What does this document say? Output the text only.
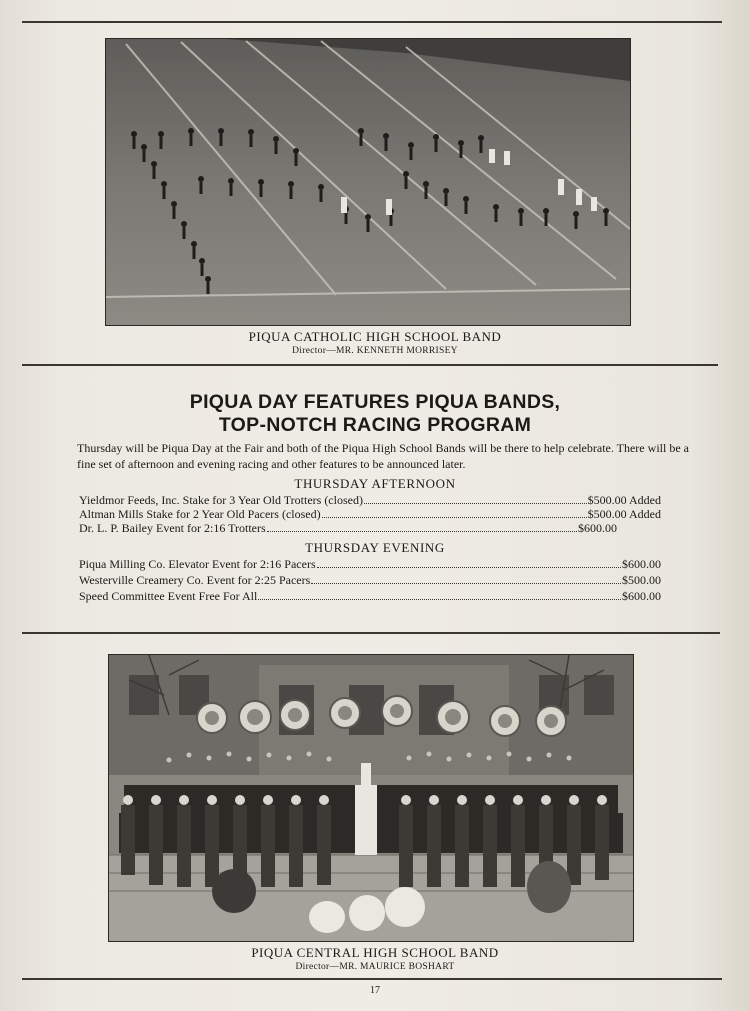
PIQUA CATHOLIC HIGH SCHOOL BAND
Director—MR. KENNETH MORRISEY
PIQUA DAY FEATURES PIQUA BANDS,
TOP-NOTCH RACING PROGRAM
Thursday will be Piqua Day at the Fair and both of the Piqua High School Bands will be there to help celebrate. There will be a fine set of afternoon and evening racing and other features to be announced later.
THURSDAY AFTERNOON
Yieldmor Feeds, Inc. Stake for 3 Year Old Trotters (closed)	$500.00 Added
Altman Mills Stake for 2 Year Old Pacers (closed)	$500.00 Added
Dr. L. P. Bailey Event for 2:16 Trotters	$600.00
THURSDAY EVENING
Piqua Milling Co. Elevator Event for 2:16 Pacers	$600.00
Westerville Creamery Co. Event for 2:25 Pacers	$500.00
Speed Committee Event Free For All	$600.00
PIQUA CENTRAL HIGH SCHOOL BAND
Director—MR. MAURICE BOSHART
17
